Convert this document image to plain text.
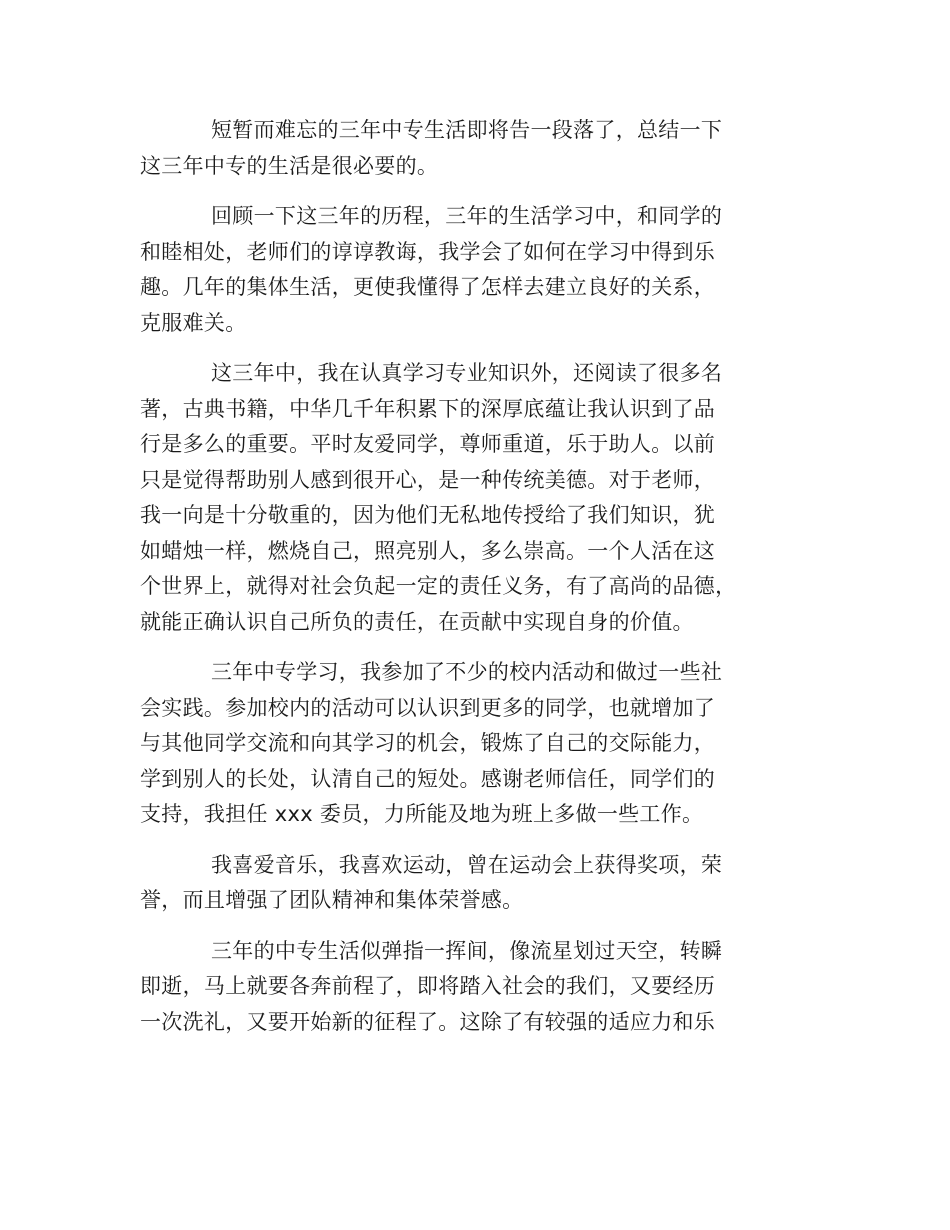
短暂而难忘的三年中专生活即将告一段落了，总结一下
这三年中专的生活是很必要的。

回顾一下这三年的历程，三年的生活学习中，和同学的
和睦相处，老师们的谆谆教诲，我学会了如何在学习中得到乐
趣。几年的集体生活，更使我懂得了怎样去建立良好的关系，
克服难关。

这三年中，我在认真学习专业知识外，还阅读了很多名
著，古典书籍，中华几千年积累下的深厚底蕴让我认识到了品
行是多么的重要。平时友爱同学，尊师重道，乐于助人。以前
只是觉得帮助别人感到很开心，是一种传统美德。对于老师，
我一向是十分敬重的，因为他们无私地传授给了我们知识，犹
如蜡烛一样，燃烧自己，照亮别人，多么崇高。一个人活在这
个世界上，就得对社会负起一定的责任义务，有了高尚的品德，
就能正确认识自己所负的责任，在贡献中实现自身的价值。

三年中专学习，我参加了不少的校内活动和做过一些社
会实践。参加校内的活动可以认识到更多的同学，也就增加了
与其他同学交流和向其学习的机会，锻炼了自己的交际能力，
学到别人的长处，认清自己的短处。感谢老师信任，同学们的
支持，我担任 xxx 委员，力所能及地为班上多做一些工作。

我喜爱音乐，我喜欢运动，曾在运动会上获得奖项，荣
誉，而且增强了团队精神和集体荣誉感。

三年的中专生活似弹指一挥间，像流星划过天空，转瞬
即逝，马上就要各奔前程了，即将踏入社会的我们，又要经历
一次洗礼，又要开始新的征程了。这除了有较强的适应力和乐
